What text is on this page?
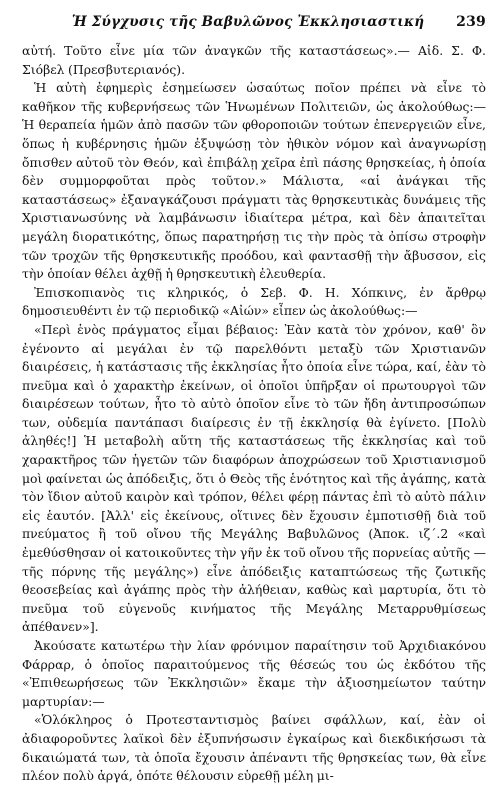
Ἡ Σύγχυσις τῆς Βαβυλῶνος Ἐκκλησιαστική	239

αὐτή. Τοῦτο εἶνε μία τῶν ἀναγκῶν τῆς καταστάσεως».— Αἰδ. Σ. Φ. Σιόβελ (Πρεσβυτεριανός).

Ἡ αὐτὴ ἐφημερὶς ἐσημείωσεν ὡσαύτως ποῖον πρέπει νὰ εἶνε τὸ καθῆκον τῆς κυβερνήσεως τῶν Ἡνωμένων Πολιτειῶν, ὡς ἀκολούθως:— Ἡ θεραπεία ἡμῶν ἀπὸ πασῶν τῶν φθοροποιῶν τούτων ἐπενεργειῶν εἶνε, ὅπως ἡ κυβέρνησις ἡμῶν ἐξυψώσῃ τὸν ἠθικὸν νόμον καὶ ἀναγνωρίσῃ ὄπισθεν αὐτοῦ τὸν Θεόν, καὶ ἐπιβάλῃ χεῖρα ἐπὶ πάσης θρησκείας, ἡ ὁποία δὲν συμμορφοῦται πρὸς τοῦτον.» Μάλιστα, «αἱ ἀνάγκαι τῆς καταστάσεως» ἐξαναγκάζουσι πράγματι τὰς θρησκευτικὰς δυνάμεις τῆς Χριστιανωσύνης νὰ λαμβάνωσιν ἰδιαίτερα μέτρα, καὶ δὲν ἀπαιτεῖται μεγάλη διορατικότης, ὅπως παρατηρήσῃ τις τὴν πρὸς τὰ ὀπίσω στροφὴν τῶν τροχῶν τῆς θρησκευτικῆς προόδου, καὶ φαντασθῇ τὴν ἄβυσσον, εἰς τὴν ὁποίαν θέλει ἀχθῇ ἡ θρησκευτικὴ ἐλευθερία.

Ἐπισκοπιανὸς τις κληρικός, ὁ Σεβ. Φ. Η. Χόπκινς, ἐν ἄρθρῳ δημοσιευθέντι ἐν τῷ περιοδικῷ «Αἰών» εἶπεν ὡς ἀκολούθως:—

«Περὶ ἑνὸς πράγματος εἶμαι βέβαιος: Ἐὰν κατὰ τὸν χρόνον, καθ' ὃν ἐγένοντο αἱ μεγάλαι ἐν τῷ παρελθόντι μεταξὺ τῶν Χριστιανῶν διαιρέσεις, ἡ κατάστασις τῆς ἐκκλησίας ἦτο ὁποία εἶνε τώρα, καί, ἐὰν τὸ πνεῦμα καὶ ὁ χαρακτὴρ ἐκείνων, οἱ ὁποῖοι ὑπῆρξαν οἱ πρωτουργοὶ τῶν διαιρέσεων τούτων, ἦτο τὸ αὐτὸ ὁποῖον εἶνε τὸ τῶν ἤδη ἀντιπροσώπων των, οὐδεμία παντάπασι διαίρεσις ἐν τῇ ἐκκλησίᾳ θὰ ἐγίνετο. [Πολὺ ἀληθές!] Ἡ μεταβολὴ αὕτη τῆς καταστάσεως τῆς ἐκκλησίας καὶ τοῦ χαρακτῆρος τῶν ἡγετῶν τῶν διαφόρων ἀποχρώσεων τοῦ Χριστιανισμοῦ μοὶ φαίνεται ὡς ἀπόδειξις, ὅτι ὁ Θεὸς τῆς ἑνότητος καὶ τῆς ἀγάπης, κατὰ τὸν ἴδιον αὐτοῦ καιρὸν καὶ τρόπον, θέλει φέρῃ πάντας ἐπὶ τὸ αὐτὸ πάλιν εἰς ἑαυτόν. [Ἀλλ' εἰς ἐκείνους, οἵτινες δὲν ἔχουσιν ἐμποτισθῇ διὰ τοῦ πνεύματος ἢ τοῦ οἴνου τῆς Μεγάλης Βαβυλῶνος (Ἀποκ. ιζ΄.2 «καὶ ἐμεθύσθησαν οἱ κατοικοῦντες τὴν γῆν ἐκ τοῦ οἴνου τῆς πορνείας αὐτῆς — τῆς πόρνης τῆς μεγάλης») εἶνε ἀπόδειξις καταπτώσεως τῆς ζωτικῆς θεοσεβείας καὶ ἀγάπης πρὸς τὴν ἀλήθειαν, καθὼς καὶ μαρτυρία, ὅτι τὸ πνεῦμα τοῦ εὐγενοῦς κινήματος τῆς Μεγάλης Μεταρρυθμίσεως ἀπέθανεν»].

Ἀκούσατε κατωτέρω τὴν λίαν φρόνιμον παραίτησιν τοῦ Ἀρχιδιακόνου Φάρραρ, ὁ ὁποῖος παραιτούμενος τῆς θέσεώς του ὡς ἐκδότου τῆς «Ἐπιθεωρήσεως τῶν Ἐκκλησιῶν» ἔκαμε τὴν ἀξιοσημείωτον ταύτην μαρτυρίαν:—

«Ὁλόκληρος ὁ Προτεσταντισμὸς βαίνει σφάλλων, καί, ἐὰν οἱ ἀδιαφοροῦντες λαϊκοὶ δὲν ἐξυπνήσωσιν ἐγκαίρως καὶ διεκδικήσωσι τὰ δικαιώματά των, τὰ ὁποῖα ἔχουσιν ἀπέναντι τῆς θρησκείας των, θὰ εἶνε πλέον πολὺ ἀργά, ὁπότε θέλουσιν εὑρεθῇ μέλη μι-
